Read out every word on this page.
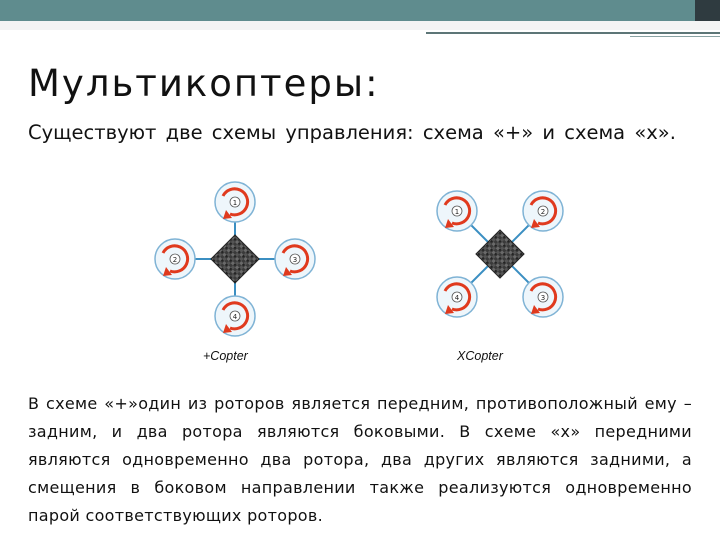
Мультикоптеры:
Существуют две схемы управления: схема «+» и схема «x».
1
2	3
4
1	2
4	3
+Copter	XCopter
В схеме «+»один из роторов является передним, противоположный ему – задним, и два ротора являются боковыми. В схеме «x» передними являются одновременно два ротора, два других являются задними, а смещения в боковом направлении также реализуются одновременно парой соответствующих роторов.
